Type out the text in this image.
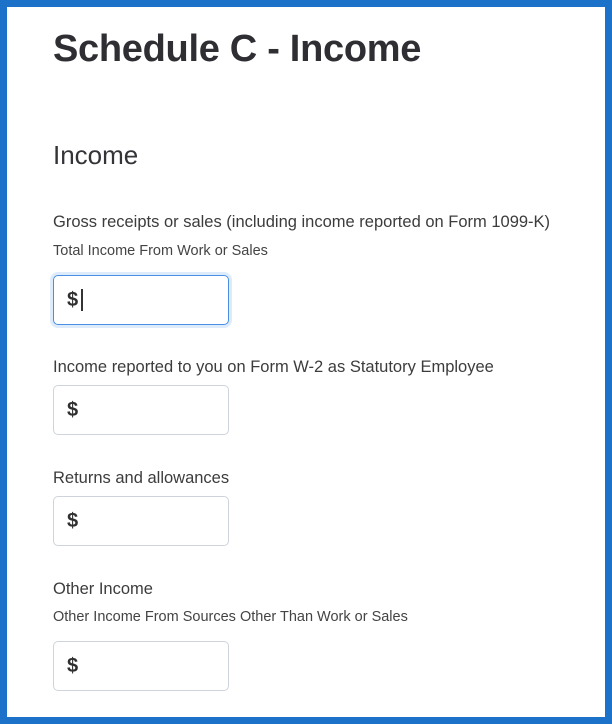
Schedule C - Income
Income
Gross receipts or sales (including income reported on Form 1099-K)
Total Income From Work or Sales
$
Income reported to you on Form W-2 as Statutory Employee
$
Returns and allowances
$
Other Income
Other Income From Sources Other Than Work or Sales
$
